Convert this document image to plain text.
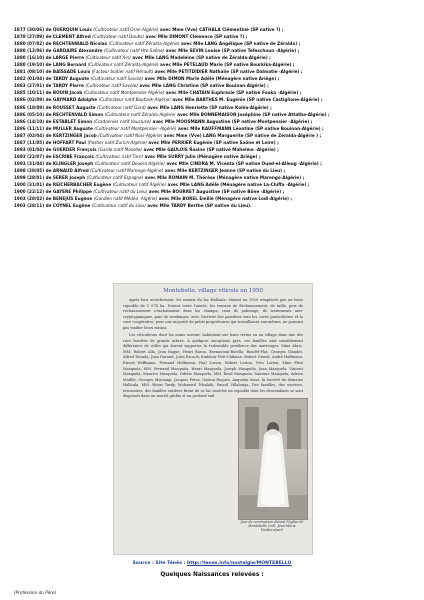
1877 (30/06) de QUERQUIN Louis (Cultivateur natif Oran-Algérie) avec Mme (Vve) CATHALA Clémentine (SP native ?) ;
1878 (27/09) de CLEMENT Alfred (Cultivateur natif Doubs) avec Mlle DIMONT Clémence (SP native ?) ;
1880 (07/02) de RECHTENWALD Nicolas (Cultivateur natif Zéralda-Algérie) avec Mlle LANG Angélique (SP native de Zéralda) ;
1880 (12/06) de GARDAIRE Alexandre (Cultivateur natif Hte Saône) avec Mlle SEVIN Louise (SP native Tefeschoun -Algérie) ;
1880 (16/10) de LARGE Pierre (Cultivateur natif Ain) avec Mlle LANG Madeleine (SP native de Zéralda-Algérie) ;
1880 (19/10) de LANG Bernard (Cultivateur natif Zéralda-Algérie) avec Mlle PETELAUD Marie (SP native Bourkika-Algérie) ;
1881 (08/10) de BAÏSSADE Louis (Facteur boitier natif Hérault) avec Mlle PETITDIDIER Nathalie (SP native Dalmatie -Algérie) ;
1882 (01/04) de TARDY Auguste (Cultivateur natif Savoie) avec Mlle DIMON Marie Adèle (Ménagère native Ariège) ;
1883 (27/01) de TARDY Pierre (Cultivateur natif Savoie) avec Mlle LANG Christine (SP native Bouinan-Algérie) ;
1885 (10/11) de BOUIN Jacob (Cultivateur natif Montpensier-Algérie) avec Mlle CHATAIN Euphrasie (SP native Fouka –Algérie) ;
1886 (02/09) de GAYMARD Adolphe (Cultivateur natif Boufarik-Algérie) avec Mlle BARTHES M. Eugénie (SP native Castiglione-Algérie) ;
1886 (18/09) de ROUSSET Auguste (Cultivateur natif Gard) avec Mlle LANG Henriette (SP native Koléa-Algérie) ;
1886 (05/10) de RECHTENVALD Simon (Cultivateur natif Zéralda-Algérie) avec Mlle BONNEMAISON Joséphine (SP native Attatba-Algérie) ;
1886 (14/10) de ESTABLET Simon (Cordonnier natif Vaucluse) avec Mlle MOOSMANN Augustine (SP native Montpensier -Algérie) ;
1886 (11/11) de MULLER Auguste (Cultivateur natif Montpensier -Algérie) avec Mlle KAUFFMANN Léontine (SP native Bouinan-Algérie) ;
1887 (02/04) de KERTZINGER Jacob (Cultivateur natif Novi-Algérie) avec Mme (Vve) LANG Marguerite (SP native de Zéralda-Algérie ) ;
1887 (11/05) de HOFFART Paul (Postier natif Zurich-Algérie) avec Mlle PERRIER Eugénie (SP native Saône et Loire) ;
1893 (01/04) de GUERDER François (Garde natif Moselle) avec Mlle GAULOIS Rosine (SP native Mahelma -Algérie) ;
1893 (22/07) de ESCRIBE François (Cultivateur natif Tarn) avec Mlle SURRY Julie (Ménagère native Ariège) ;
1893 (31/04) de KLINGLER Joseph (Cultivateur natif Douéra-Algérie) avec Mlle CINDRA M. Vicenta (SP native Oued-el-Alleug -Algérie) ;
1898 (28/05) de ARNAUD Alfred (Cultivateur natif Marengo-Algérie) avec Mlle KERTZINGER Jeanne (SP native du Lieu) ;
1899 (28/01) de SERER Joseph (Cultivateur natif Espagne) avec Mlle ROMAIN M. Thérèse (Ménagère native Marengo-Algérie) ;
1900 (31/01) de REICHERBACHER Eugène (Cultivateur natif Algérie) avec Mlle LANG Adèle (Ménagère native La-Chiffa -Algérie) ;
1900 (22/12) de GAYERE Philippe (Cultivateur natif du Lieu) avec Mlle BOURRET Augustine (SP native Bône -Algérie) ;
1903 (28/02) de BENEJUS Eugène (Gardien natif Médéa -Algérie) avec Mlle BOREL Emilie (Ménagère native Lodi-Algérie) ;
1903 (28/11) de COYNEL Eugène (Cultivateur natif du Lieu) avec Mlle TARDY Berthe (SP native du Lieu).
Montebello, village viticole en 1950

Après leur assèchement, les marais du lac Halloula, étaient en 1950 remplacés par un beau vignoble de 1 074 ha. Durant toute l'année, les travaux de déchaussement, de taille, puis de rechaussement s'enchaînaient dans les champs, ceux de palissage, de traitements anti-cryptogamiques, puis de vendanges, avec l'arrivée des pastières vers les caves particulières et la cave coopérative, pour une majorité de petits propriétaires qui travaillaient eux-mêmes, ne pouvant pas vinifier leurs raisins.

Les viticulteurs dont les noms suivent, habitaient sur leurs terres ou au village dans une des rues bordées de grands arbres. À quelques exceptions près, ces familles sont sensiblement différentes de celles qui durent supporter la redoutable pestilence des marécages: Mme Abric, MM. Robert Alla, Jean Bague, Henri Baron, Bernasconi-Botella, Boudet-Plat, Georges Claudet, Alfred Dorada, Jean Durand, Jules Escach, Kaddour Firit-Chibane, Robert Girard, André Hoffmann, Ernest Hoffmann, Fernand Hoffmann, Paul Lorion, Robert Lorion, Yves Lorion, Mme Elise Masquela, MM. Fernand Masquela, Henri Masquela, Joseph Masquela, Jean Masquela, Vincent Masquela, Maurice Masquela, Odette Masquela, MM. René Masquela, Sauveur Masquela, Adrien Maillet, Georges Miecamp, Jacques Pérez, Gaston Roques, Augustin Sisse, la Société du domaine Halloula, MM. Henri Tardy, Mohamed Tchalabi, Pascal Villalonga. Des familles, des ouvriers, terrassiers, des familles entières firent de ce lac asséché un vignoble dont les descendants se sont dispersés dans un mortel gâchis et un profond exil.

Jour de communion devant l'église de Montebello (coll. Jean-Marie Vandervijver)
Source : Site Ténès : http://tenes.info/nostalgie/MONTEBELLO
Quelques Naissances relevées :
(Profession du Père)
